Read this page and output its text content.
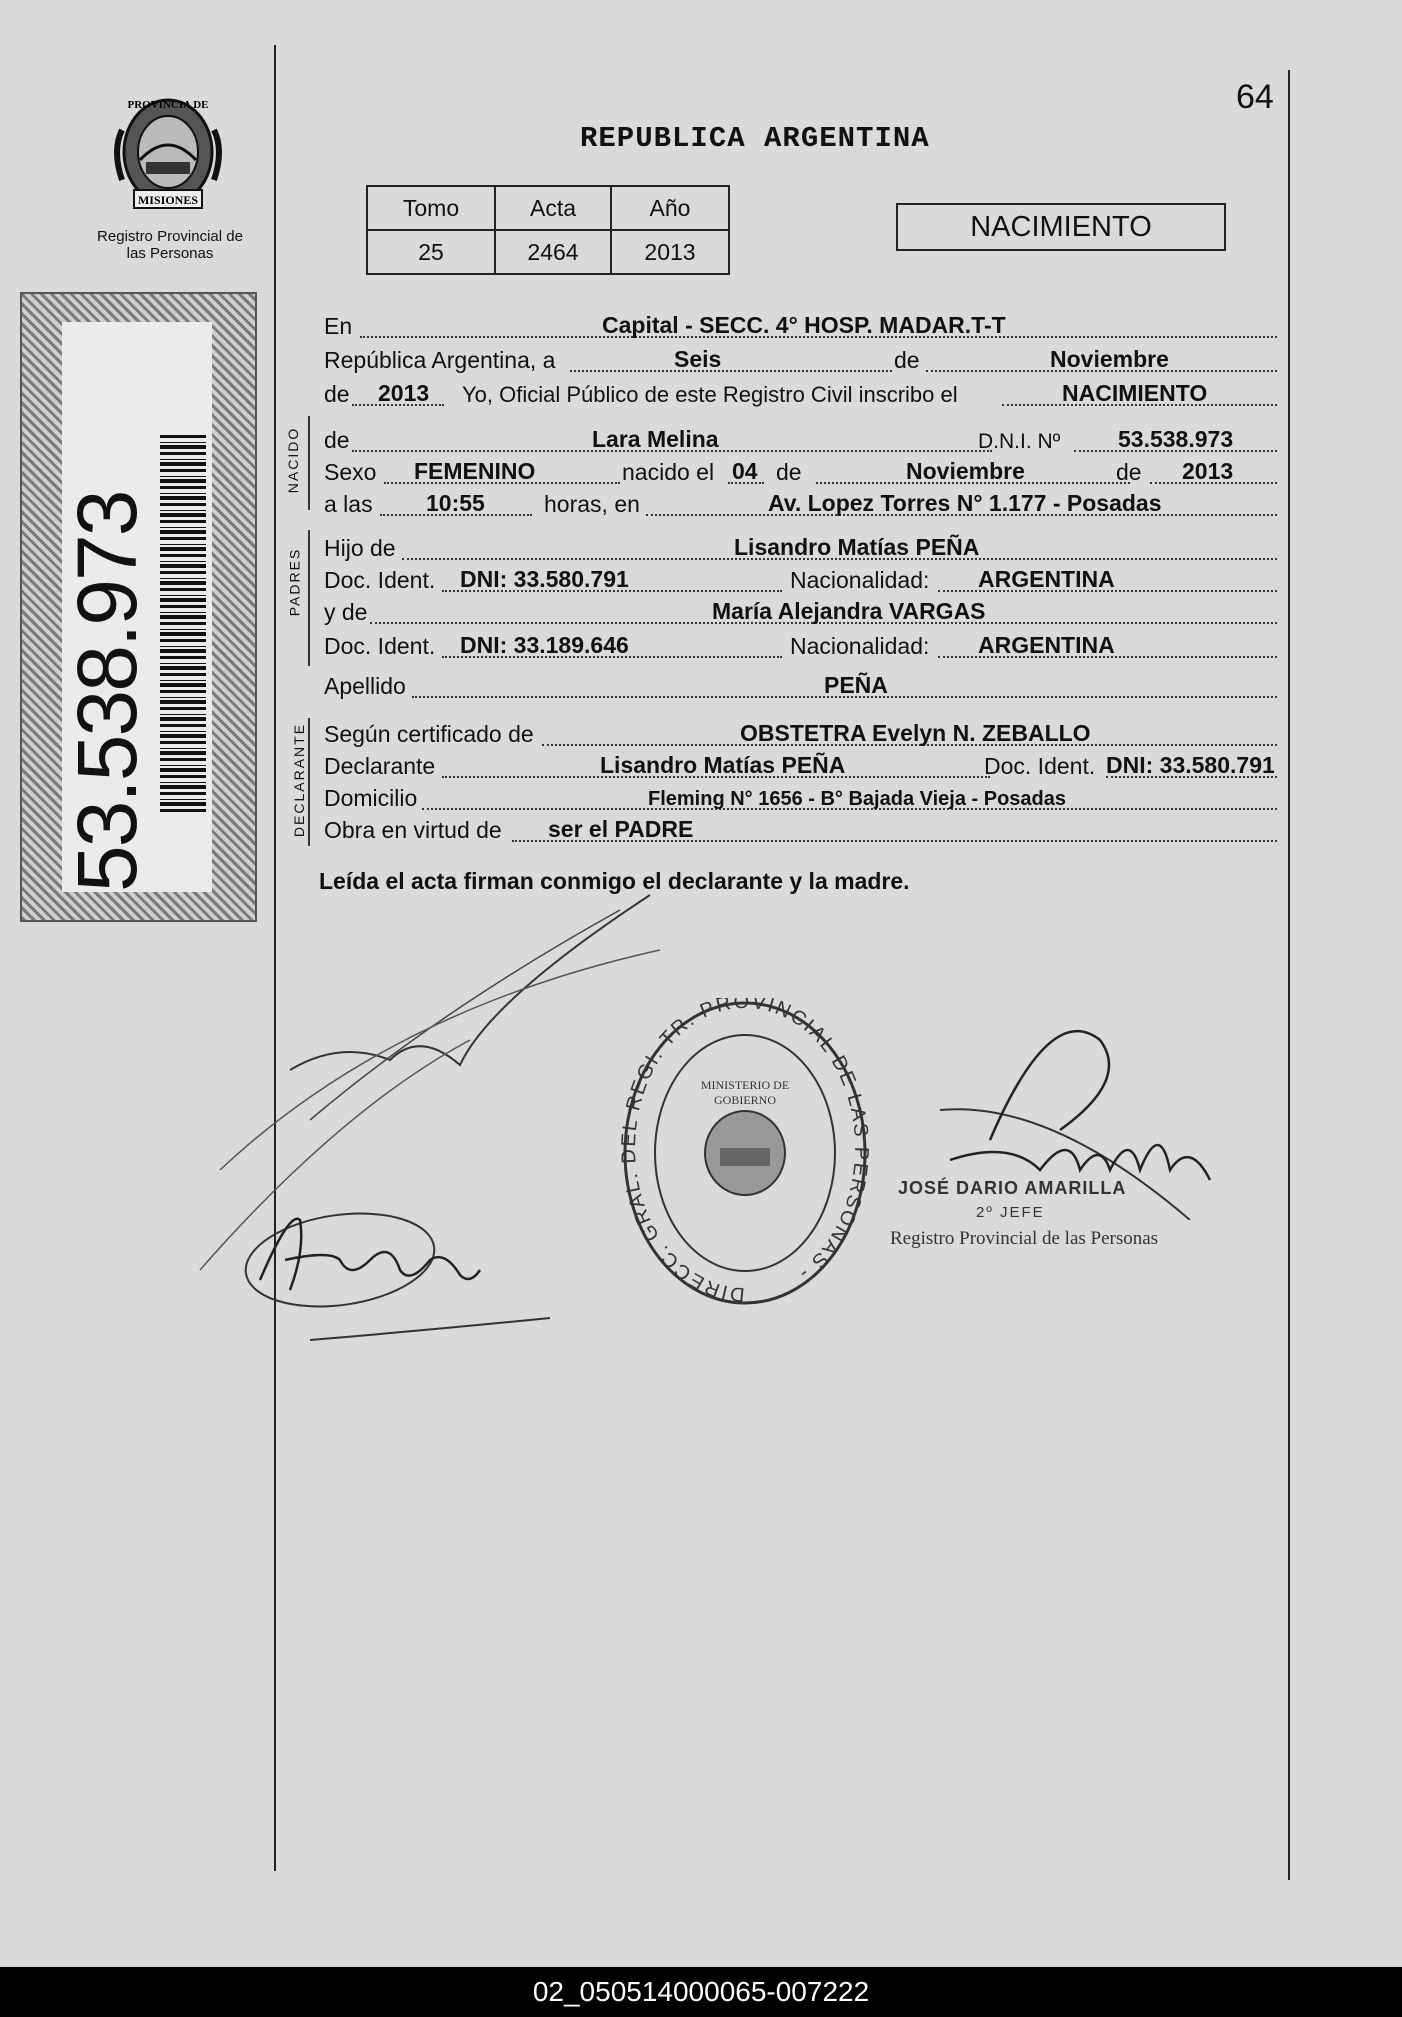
PROVINCIA DE
MISIONES
Registro Provincial de las Personas
53.538.973
64
REPUBLICA ARGENTINA
Tomo	Acta	Año
25	2464	2013
NACIMIENTO
NACIDO
PADRES
DECLARANTE
En	Capital - SECC. 4° HOSP. MADAR.T-T
República Argentina, a	Seis	de	Noviembre
de 2013 Yo, Oficial Público de este Registro Civil inscribo el	NACIMIENTO
de	Lara Melina	D.N.I. Nº	53.538.973
Sexo FEMENINO	nacido el 04 de	Noviembre	de 2013
a las 10:55	horas, en	Av. Lopez Torres N° 1.177 - Posadas
Hijo de	Lisandro Matías PEÑA
Doc. Ident. DNI: 33.580.791	Nacionalidad: ARGENTINA
y de	María Alejandra VARGAS
Doc. Ident. DNI: 33.189.646	Nacionalidad: ARGENTINA
Apellido	PEÑA
Según certificado de	OBSTETRA Evelyn N. ZEBALLO
Declarante	Lisandro Matías PEÑA	Doc. Ident. DNI: 33.580.791
Domicilio	Fleming N° 1656 - B° Bajada Vieja - Posadas
Obra en virtud de ser el PADRE
Leída el acta firman conmigo el declarante y la madre.
DIRECC. GRAL. DEL REGI. TR. PROVINCIAL DE LAS PERSONAS -
MINISTERIO DE GOBIERNO
JOSÉ DARIO AMARILLA
2º JEFE
Registro Provincial de las Personas
02_050514000065-007222
